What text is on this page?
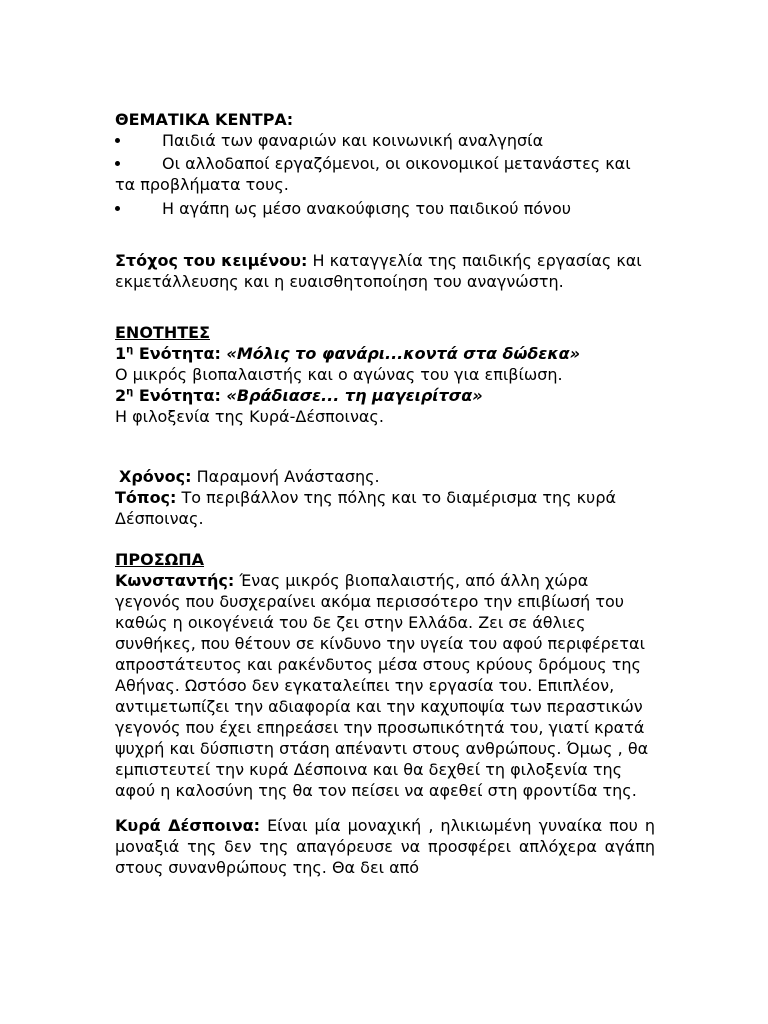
ΘΕΜΑΤΙΚΑ ΚΕΝΤΡΑ:
Παιδιά των φαναριών και κοινωνική αναλγησία

Οι αλλοδαποί εργαζόμενοι, οι οικονομικοί μετανάστες και τα προβλήματα τους.

Η αγάπη ως μέσο ανακούφισης του παιδικού πόνου

Στόχος του κειμένου: Η καταγγελία της παιδικής εργασίας και εκμετάλλευσης και η ευαισθητοποίηση του αναγνώστη.

ΕΝΟΤΗΤΕΣ
$1^\eta$ Ενότητα: «Μόλις το φανάρι...κοντά στα δώδεκα»
Ο μικρός βιοπαλαιστής και ο αγώνας του για επιβίωση.
$2^\eta$ Ενότητα: «Βράδιασε... τη μαγειρίτσα»
Η φιλοξενία της Κυρά-Δέσποινας.
Χρόνος: Παραμονή Ανάστασης.
Τόπος: Το περιβάλλον της πόλης και το διαμέρισμα της κυρά Δέσποινας.
ΠΡΟΣΩΠΑ

Κωνσταντής: Ένας μικρός βιοπαλαιστής, από άλλη χώρα γεγονός που δυσχεραίνει ακόμα περισσότερο την επιβίωσή του καθώς η οικογένειά του δε ζει στην Ελλάδα. Ζει σε άθλιες συνθήκες, που θέτουν σε κίνδυνο την υγεία του αφού περιφέρεται απροστάτευτος και ρακένδυτος μέσα στους κρύους δρόμους της Αθήνας. Ωστόσο δεν εγκαταλείπει την εργασία του. Επιπλέον, αντιμετωπίζει την αδιαφορία και την καχυποψία των περαστικών γεγονός που έχει επηρεάσει την προσωπικότητά του, γιατί κρατά ψυχρή και δύσπιστη στάση απέναντι στους ανθρώπους. Όμως , θα εμπιστευτεί την κυρά Δέσποινα και θα δεχθεί τη φιλοξενία της αφού η καλοσύνη της θα τον πείσει να αφεθεί στη φροντίδα της.

Κυρά Δέσποινα: Είναι μία μοναχική , ηλικιωμένη γυναίκα που η μοναξιά της δεν της απαγόρευσε να προσφέρει απλόχερα αγάπη στους συνανθρώπους της. Θα δει από
